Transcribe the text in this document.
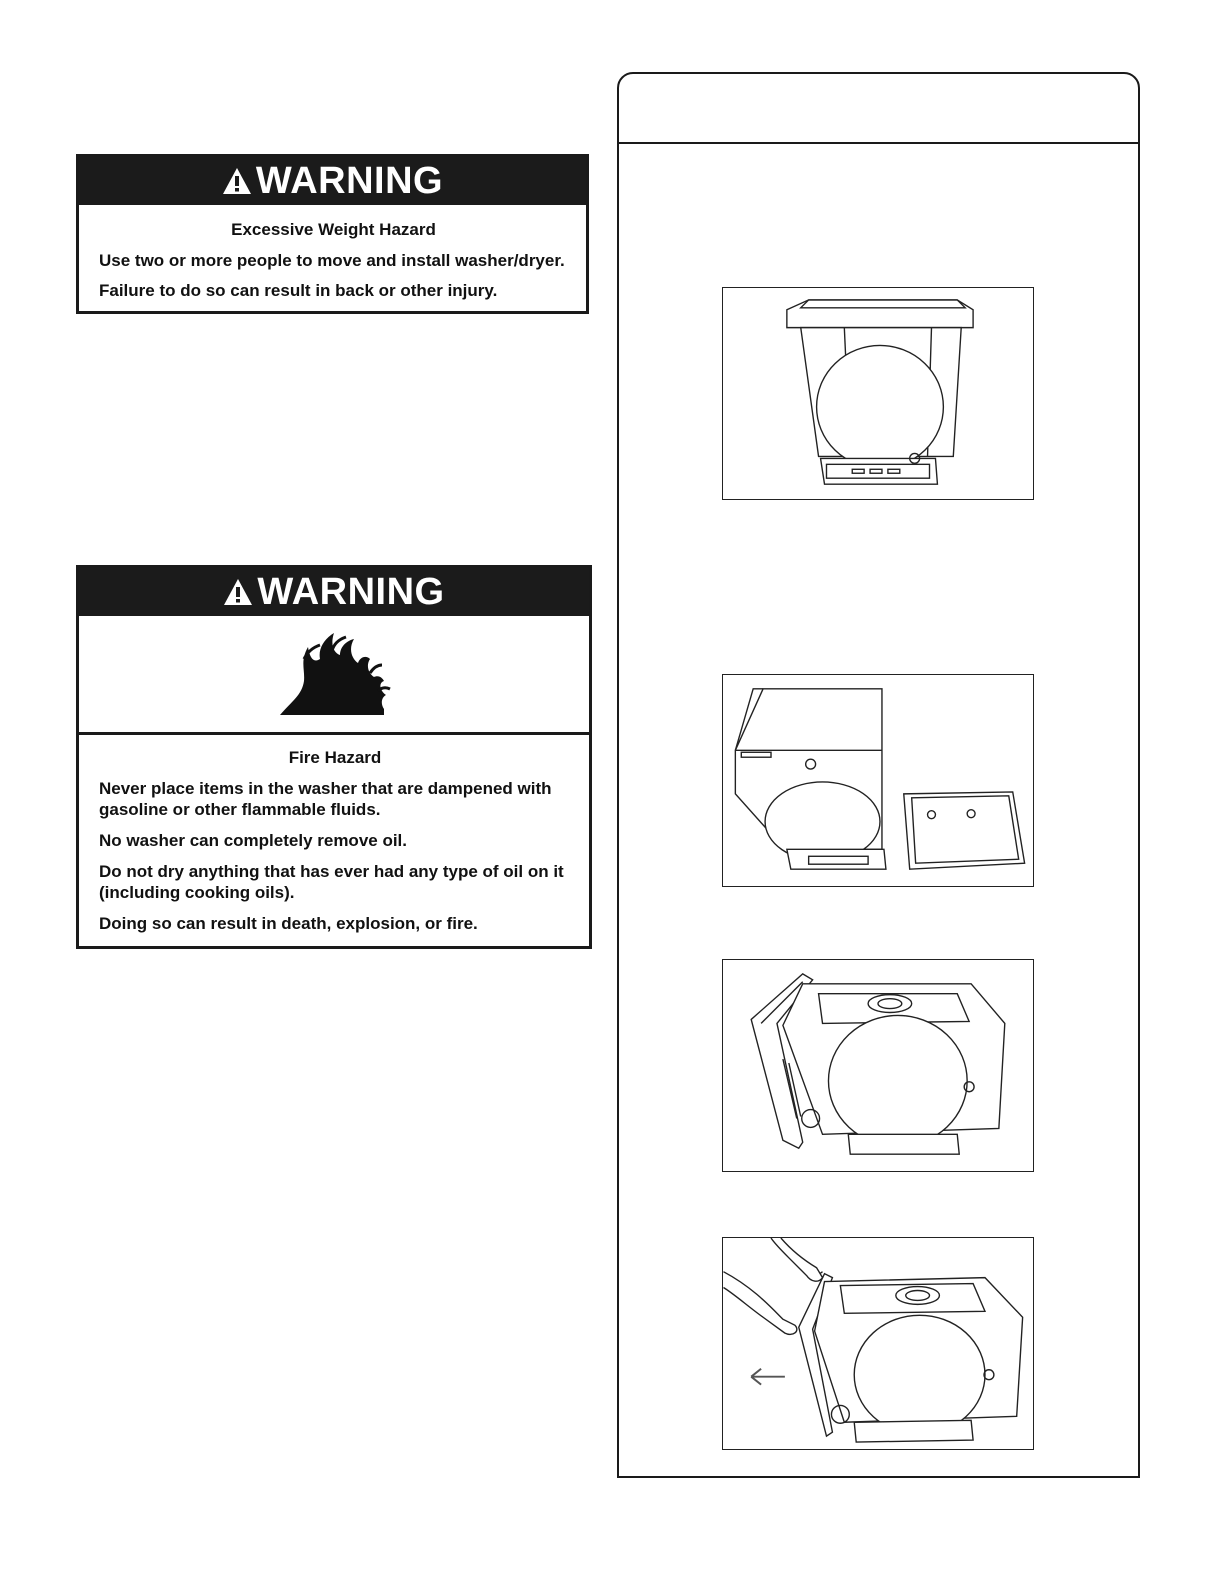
WARNING
Excessive Weight Hazard

Use two or more people to move and install washer/dryer.

Failure to do so can result in back or other injury.

WARNING
Fire Hazard

Never place items in the washer that are dampened with gasoline or other flammable fluids.

No washer can completely remove oil.

Do not dry anything that has ever had any type of oil on it (including cooking oils).

Doing so can result in death, explosion, or fire.
